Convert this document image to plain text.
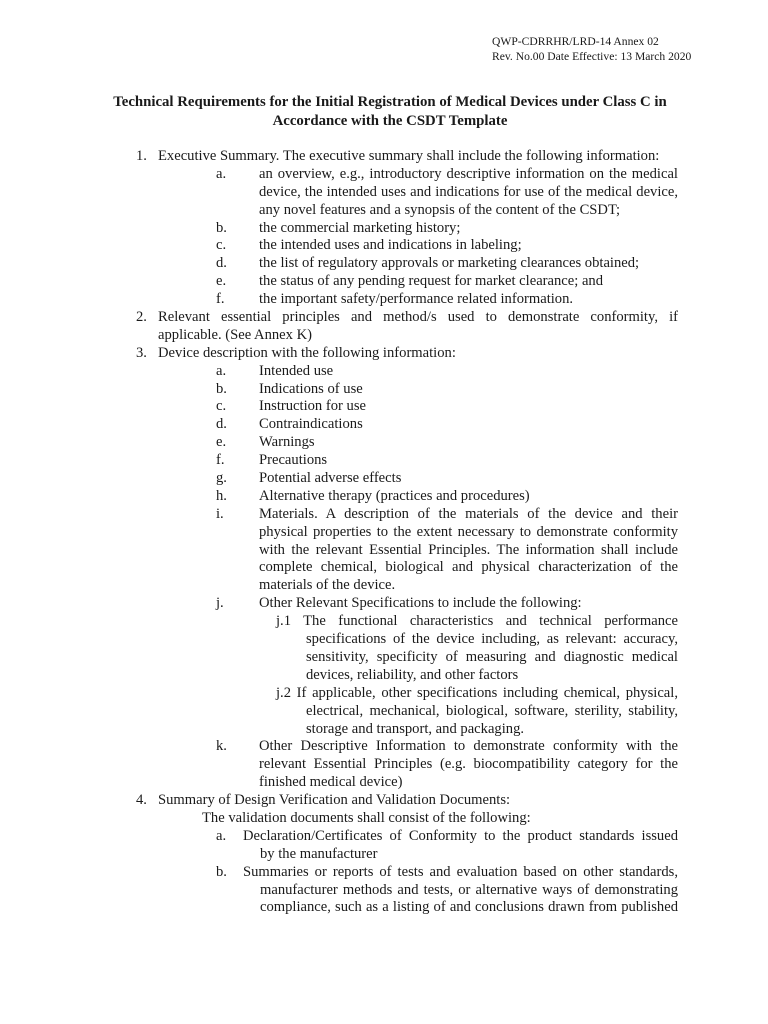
QWP-CDRRHR/LRD-14 Annex 02
Rev. No.00 Date Effective: 13 March 2020
Technical Requirements for the Initial Registration of Medical Devices under Class C in
Accordance with the CSDT Template
1. Executive Summary. The executive summary shall include the following information:
a. an overview, e.g., introductory descriptive information on the medical
device, the intended uses and indications for use of the medical device,
any novel features and a synopsis of the content of the CSDT;
b. the commercial marketing history;
c. the intended uses and indications in labeling;
d. the list of regulatory approvals or marketing clearances obtained;
e. the status of any pending request for market clearance; and
f. the important safety/performance related information.
2. Relevant essential principles and method/s used to demonstrate conformity, if
applicable. (See Annex K)
3. Device description with the following information:
a. Intended use
b. Indications of use
c. Instruction for use
d. Contraindications
e. Warnings
f. Precautions
g. Potential adverse effects
h. Alternative therapy (practices and procedures)
i. Materials. A description of the materials of the device and their
physical properties to the extent necessary to demonstrate conformity
with the relevant Essential Principles. The information shall include
complete chemical, biological and physical characterization of the
materials of the device.
j. Other Relevant Specifications to include the following:
j.1 The functional characteristics and technical performance
specifications of the device including, as relevant: accuracy,
sensitivity, specificity of measuring and diagnostic medical
devices, reliability, and other factors
j.2 If applicable, other specifications including chemical, physical,
electrical, mechanical, biological, software, sterility, stability,
storage and transport, and packaging.
k. Other Descriptive Information to demonstrate conformity with the
relevant Essential Principles (e.g. biocompatibility category for the
finished medical device)
4. Summary of Design Verification and Validation Documents:
The validation documents shall consist of the following:
a. Declaration/Certificates of Conformity to the product standards issued
by the manufacturer
b. Summaries or reports of tests and evaluation based on other standards,
manufacturer methods and tests, or alternative ways of demonstrating
compliance, such as a listing of and conclusions drawn from published
